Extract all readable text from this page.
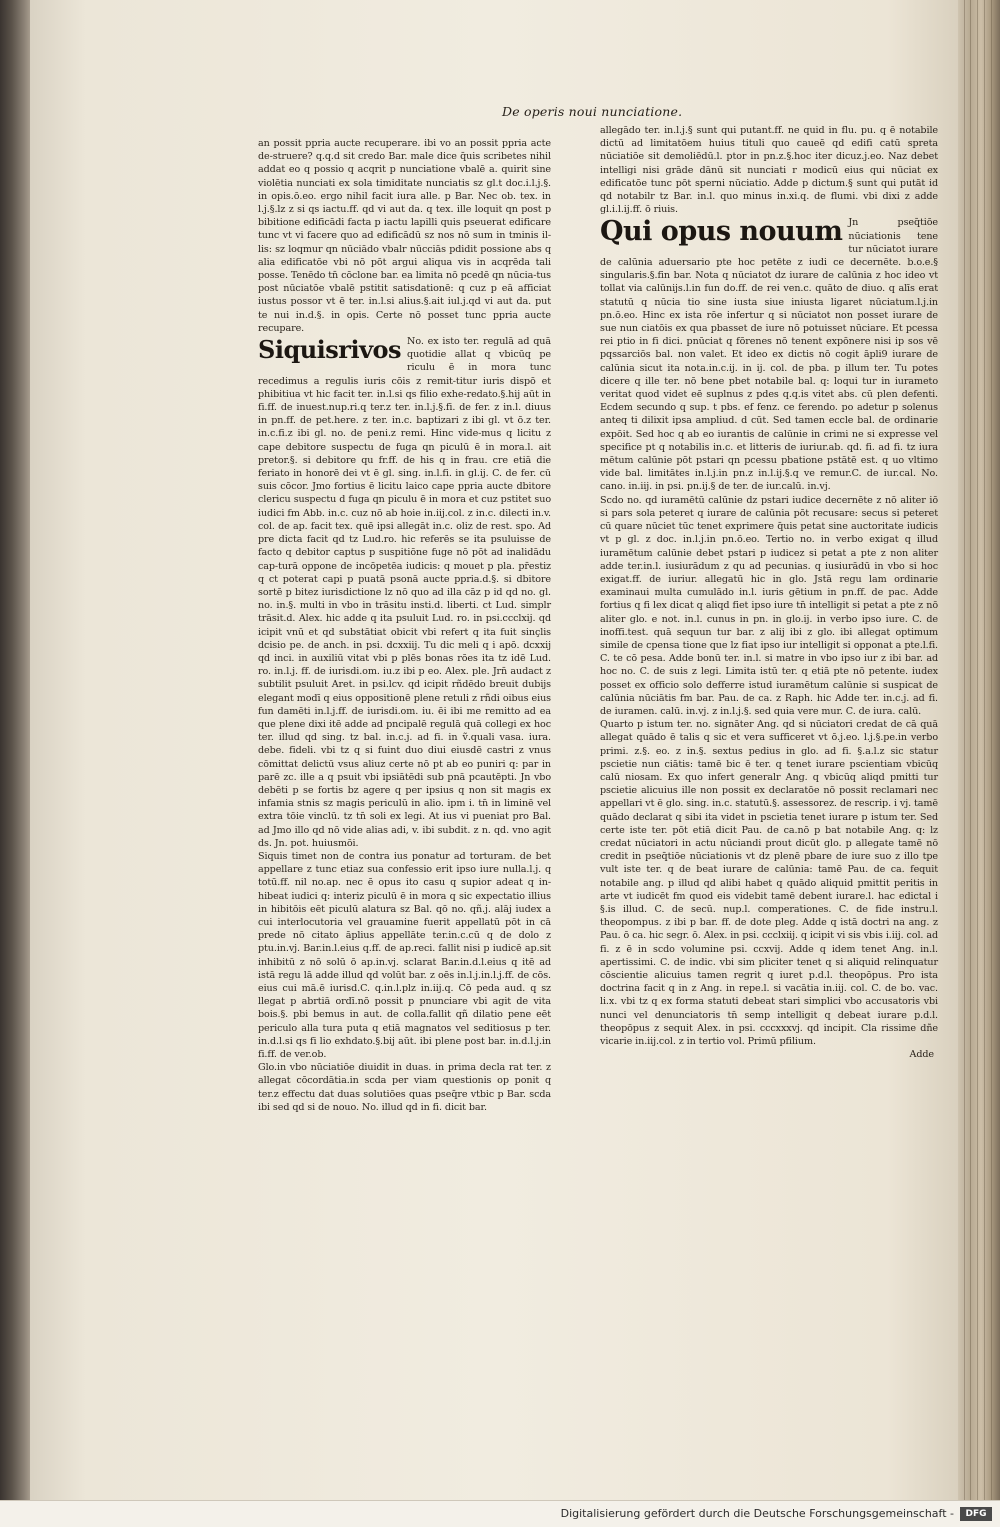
De operis noui nunciatione.

an possit ppria aucte recuperare. ibi vo an possit ppria acte de-struere? q.q.d sit credo Bar. male dice q̄uis scribetes nihil addat eo q possio q acqrit p nunciatione vbalē a. quirit sine violētia nunciati ex sola timiditate nunciatis sz gl.t doc.i.l.j.§. in opis.ō.eo. ergo nihil facit iura alle. p Bar. Nec ob. tex. in l.j.§.lz z si qs iactu.ff. qd vi aut da. q tex. ille loquit qn post p bibitione edificādi facta p iactu lapilli quis pseuerat edificare tunc vt vi facere quo ad edificādū sz nos nō sum in tminis il-lis: sz loqmur qn nūciādo vbalr nūcciās pdidit possione abs q alia edificatōe vbi nō pōt argui aliqua vis in acqrēda tali posse. Tenēdo tn̄ cōclone bar. ea limita nō pcedē qn nūcia-tus post nūciatōe vbalē pstitit satisdationē: q cuz p eā afficiat iustus possor vt ē ter. in.l.si alius.§.ait iul.j.qd vi aut da. put te nui in.d.§. in opis. Certe nō posset tunc ppria aucte recupare.

Siquisrivos No. ex isto ter. regulā ad quā quotidie allat q vbicūq pe riculu ē in mora tunc recedimus a regulis iuris cōis z remit-titur iuris dispō et phibitiua vt hic facit ter. in.l.si qs filio exhe-redato.§.hij aūt in fi.ff. de inuest.nup.ri.q ter.z ter. in.l.j.§.fi. de fer. z in.l. diuus in pn.ff. de pet.here. z ter. in.c. baptizari z ibi gl. vt ō.z ter. in.c.fi.z ibi gl. no. de peni.z remi. Hinc vide-mus q licitu z cape debitore suspectu de fuga qn piculū ē in mora.l. ait pretor.§. si debitore qu fr.ff. de his q in frau. cre etiā die feriato in honorē dei vt ē gl. sing. in.l.fi. in gl.ij. C. de fer. cū suis cōcor. Jmo fortius ē licitu laico cape ppria aucte dbitore clericu suspectu d fuga qn piculu ē in mora et cuz pstitet suo iudici fm Abb. in.c. cuz nō ab hoie in.iij.col. z in.c. dilecti in.v. col. de ap. facit tex. quē ipsi allegāt in.c. oliz de rest. spo. Ad pre dicta facit qd tz Lud.ro. hic referēs se ita psuluisse de facto q debitor captus p suspitiōne fuge nō pōt ad inalidādu cap-turā oppone de incōpetēa iudicis: q mouet p pla. pr̄estiz q ct poterat capi p puatā psonā aucte ppria.d.§. si dbitore sortē p bitez iurisdictione lz nō quo ad illa cāz p id qd no. gl. no. in.§. multi in vbo in trāsitu insti.d. liberti. ct Lud. simplr trāsit.d. Alex. hic adde q ita psuluit Lud. ro. in psi.ccclxij. qd icipit vnū et qd substātiat obicit vbi refert q ita fuit sinçlis dcisio pe. de anch. in psi. dcxxiij. Tu dic meli q i apō. dcxxij qd inci. in auxiliū vitat vbi p plēs bonas rōes ita tz idē Lud. ro. in.l.j. ff. de iurisdi.om. iu.z ibi p eo. Alex. ple. Jrn̄ audact z subtilit psuluit Aret. in psi.lcv. qd icipit rñdēdo breuit dubijs elegant modī q eius oppositionē plene retuli z rñdi oibus eius fun damēti in.l.j.ff. de iurisdi.om. iu. ēi ibi me remitto ad ea que plene dixi itē adde ad pncipalē regulā quā collegi ex hoc ter. illud qd sing. tz bal. in.c.j. ad fi. in ṽ.quali vasa. iura. debe. fideli. vbi tz q si fuint duo diui eiusdē castri z vnus cōmittat delictū vsus aliuz certe nō pt ab eo puniri q: par in parē zc. ille a q psuit vbi ipsiātēdi sub pnā pcautēpti. Jn vbo debēti p se fortis bz agere q per ipsius q non sit magis ex infamia stnis sz magis periculū in alio. ipm i. tn̄ in liminē vel extra tōie vinclū. tz tn̄ soli ex legi. At ius vi pueniat pro Bal. ad Jmo illo qd nō vide alias adi, v. ibi subdit. z n. qd. vno agit ds. Jn. pot. huiusmōi.

Siquis timet non de contra ius ponatur ad torturam. de bet appellare z tunc etiaz sua confessio erit ipso iure nulla.l.j. q totū.ff. nil no.ap. nec ē opus ito casu q supior adeat q in-hibeat iudici q: interiz piculū ē in mora q sic expectatio illius in hibitōis eēt piculū alatura sz Bal. qō no. qñ.j. alāj iudex a cui interlocutoria vel grauamine fuerit appellatū pōt in cā prede nō citato āplius appellāte ter.in.c.cū q de dolo z ptu.in.vj. Bar.in.l.eius q.ff. de ap.reci. fallit nisi p iudicē ap.sit inhibitū z nō solū ō ap.in.vj. sclarat Bar.in.d.l.eius q itē ad istā regu lā adde illud qd volūt bar. z oēs in.l.j.in.l.j.ff. de cōs. eius cui mā.ē iurisd.C. q.in.l.plz in.iij.q. Cō peda aud. q sz llegat p abrtiā ordī.nō possit p pnunciare vbi agit de vita bois.§. pbi bemus in aut. de colla.fallit qñ dilatio pene eēt periculo alla tura puta q etiā magnatos vel seditiosus p ter. in.d.l.si qs fi lio exhdato.§.bij aūt. ibi plene post bar. in.d.l.j.in fi.ff. de ver.ob.

Glo.in vbo nūciatiōe diuidit in duas. in prima decla rat ter. z allegat cōcordātia.in scda per viam questionis op ponit q ter.z effectu dat duas solutiōes quas pseq̄re vtbic p Bar. scda ibi sed qd si de nouo. No. illud qd in fi. dicit bar.

allegādo ter. in.l.j.§ sunt qui putant.ff. ne quid in flu. pu. q ē notabile dictū ad limitatōem huius tituli quo caueē qd edifi catū spreta nūciatiōe sit demoliēdū.l. ptor in pn.z.§.hoc iter dicuz.j.eo. Naz debet intelligi nisi grāde dānū sit nunciati r modicū eius qui nūciat ex edificatōe tunc pōt sperni nūciatio. Adde p dictum.§ sunt qui putāt id qd notabilr tz Bar. in.l. quo minus in.xi.q. de flumi. vbi dixi z adde gl.i.l.ij.ff. ō riuis.

Qui opus nouum Jn pseq̄tiōe nūciationis tene tur nūciatot iurare de calūnia aduersario pte hoc petēte z iudi ce decernēte. b.o.e.§ singularis.§.fin bar. Nota q nūciatot dz iurare de calūnia z hoc ideo vt tollat via calūnijs.l.in fun do.ff. de rei ven.c. quāto de diuo. q alīs erat statutū q nūcia tio sine iusta siue iniusta ligaret nūciatum.l.j.in pn.ō.eo. Hinc ex ista rōe infertur q si nūciatot non posset iurare de sue nun ciatōis ex qua pbasset de iure nō potuisset nūciare. Et pcessa rei ptio in fi dici. pnūciat q fōrenes nō tenent expōnere nisi ip sos vē pqssarciōs bal. non valet. Et ideo ex dictis nō cogit āpli9 iurare de calūnia sicut ita nota.in.c.ij. in ij. col. de pba. p illum ter. Tu potes dicere q ille ter. nō bene pbet notabile bal. q: loqui tur in iurameto veritat quod videt eē suplnus z pdes q.q.is vitet abs. cū plen defenti. Ecdem secundo q sup. t pbs. ef fenz. ce ferendo. po adetur p solenus anteq ti dilixit ipsa ampliud. d cūt. Sed tamen eccle bal. de ordinarie expōit. Sed hoc q ab eo iurantis de calūnie in crimi ne si expresse vel specifice pt q notabilis in.c. et litteris de iuriur.ab. qd. fi. ad fi. tz iura mētum calūnie pōt pstari qn pcessu pbatione pstātē est. q uo vltimo vide bal. limitātes in.l.j.in pn.z in.l.ij.§.q ve remur.C. de iur.cal. No. cano. in.iij. in psi. pn.ij.§ de ter. de iur.calū. in.vj.

Scdo no. qd iuramētū calūnie dz pstari iudice decernēte z nō aliter iō si pars sola peteret q iurare de calūnia pōt recusare: secus si peteret cū quare nūciet tūc tenet exprimere q̄uis petat sine auctoritate iudicis vt p gl. z doc. in.l.j.in pn.ō.eo. Tertio no. in verbo exigat q illud iuramētum calūnie debet pstari p iudicez si petat a pte z non aliter adde ter.in.l. iusiurādum z qu ad pecunias. q iusiurādū in vbo si hoc exigat.ff. de iuriur. allegatū hic in glo. Jstā regu lam ordinarie examinaui multa cumulādo in.l. iuris gētium in pn.ff. de pac. Adde fortius q fi lex dicat q aliqd fiet ipso iure tn̄ intelligit si petat a pte z nō aliter glo. e not. in.l. cunus in pn. in glo.ij. in verbo ipso iure. C. de inoffi.test. quā sequun tur bar. z alij ibi z glo. ibi allegat optimum simile de cpensa tione que lz fiat ipso iur intelligit si opponat a pte.l.fi. C. te cō pesa. Adde bonū ter. in.l. si matre in vbo ipso iur z ibi bar. ad hoc no. C. de suis z legi. Limita istū ter. q etiā pte nō petente. iudex posset ex officio solo defferre istud iuramētum calūnie si suspicat de calūnia nūciātis fm bar. Pau. de ca. z Raph. hic Adde ter. in.c.j. ad fi. de iuramen. calū. in.vj. z in.l.j.§. sed quia vere mur. C. de iura. calū.

Quarto p istum ter. no. signāter Ang. qd si nūciatori credat de cā quā allegat quādo ē talis q sic et vera sufficeret vt ō.j.eo. l.j.§.pe.in verbo primi. z.§. eo. z in.§. sextus pedius in glo. ad fi. §.a.l.z sic statur pscietie nun ciātis: tamē bic ē ter. q tenet iurare pscientiam vbicūq calū niosam. Ex quo infert generalr Ang. q vbicūq aliqd pmitti tur pscietie alicuius ille non possit ex declaratōe nō possit reclamari nec appellari vt ē glo. sing. in.c. statutū.§. assessorez. de rescrip. i vj. tamē quādo declarat q sibi ita videt in pscietia tenet iurare p istum ter. Sed certe iste ter. pōt etiā dicit Pau. de ca.nō p bat notabile Ang. q: lz credat nūciatori in actu nūciandi prout dicūt glo. p allegate tamē nō credit in pseq̄tiōe nūciationis vt dz plenē pbare de iure suo z illo tpe vult iste ter. q de beat iurare de calūnia: tamē Pau. de ca. fequit notabile ang. p illud qd alibi habet q quādo aliquid pmittit peritis in arte vt iudicēt fm quod eis videbit tamē debent iurare.l. hac edictal i §.is illud. C. de secū. nup.l. comperationes. C. de fide instru.l. theopompus. z ibi p bar. ff. de dote pleg. Adde q istā doctri na ang. z Pau. ō ca. hic segr. ō. Alex. in psi. ccclxiij. q icipit vi sis vbis i.iij. col. ad fi. z ē in scdo volumine psi. ccxvij. Adde q idem tenet Ang. in.l. apertissimi. C. de indic. vbi sim pliciter tenet q si aliquid relinquatur cōscientie alicuius tamen regrit q iuret p.d.l. theopōpus. Pro ista doctrina facit q in z Ang. in repe.l. si vacātia in.iij. col. C. de bo. vac. li.x. vbi tz q ex forma statuti debeat stari simplici vbo accusatoris vbi nunci vel denunciatoris tn̄ semp intelligit q debeat iurare p.d.l. theopōpus z sequit Alex. in psi. cccxxxvj. qd incipit. Cla rissime dñe vicarie in.iij.col. z in tertio vol. Primū pfilium.

Adde

Digitalisierung gefördert durch die Deutsche Forschungsgemeinschaft -	DFG
